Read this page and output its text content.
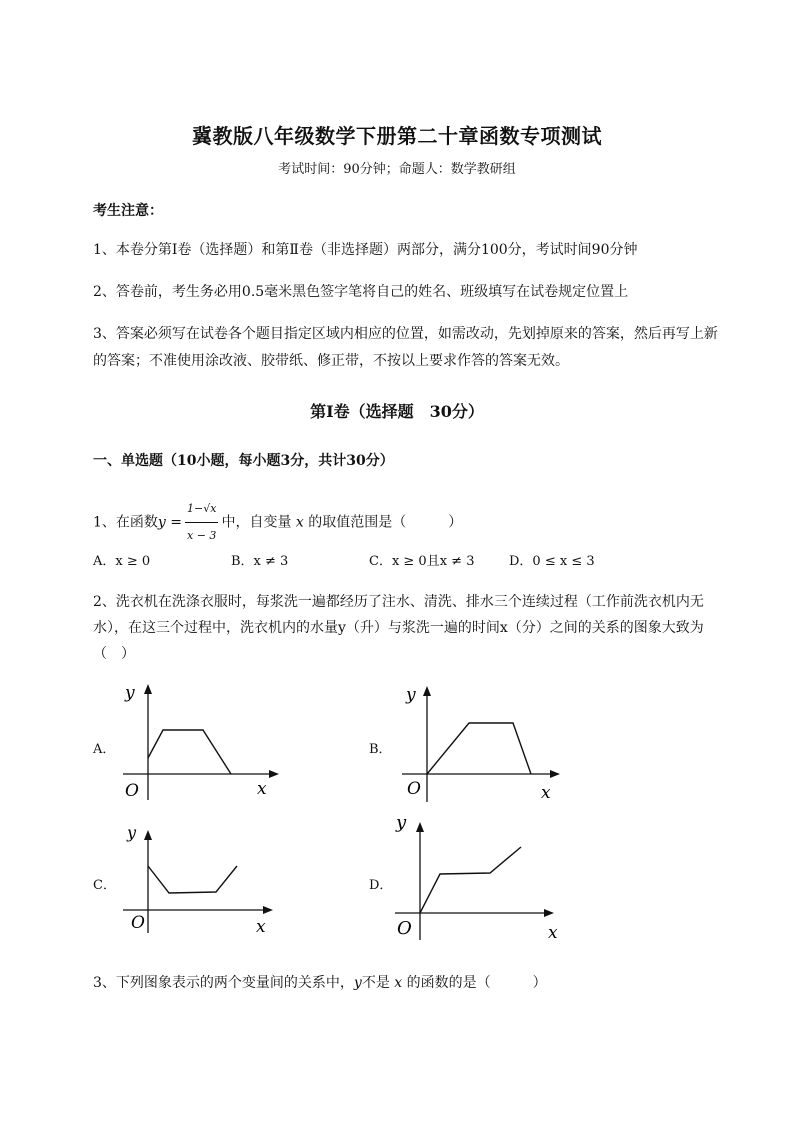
冀教版八年级数学下册第二十章函数专项测试
考试时间：90分钟；命题人：数学教研组
考生注意：
1、本卷分第I卷（选择题）和第Ⅱ卷（非选择题）两部分，满分100分，考试时间90分钟
2、答卷前，考生务必用0.5毫米黑色签字笔将自己的姓名、班级填写在试卷规定位置上
3、答案必须写在试卷各个题目指定区域内相应的位置，如需改动，先划掉原来的答案，然后再写上新
的答案；不准使用涂改液、胶带纸、修正带，不按以上要求作答的答案无效。
第I卷（选择题　30分）
一、单选题（10小题，每小题3分，共计30分）
1、在函数$y = \frac{1-√x}{x - 3}$ 中，自变量 x 的取值范围是（　　　）
A．x ≥ 0	B．x ≠ 3	C．x ≥ 0且x ≠ 3	D．0 ≤ x ≤ 3
2、洗衣机在洗涤衣服时，每浆洗一遍都经历了注水、清洗、排水三个连续过程（工作前洗衣机内无
水），在这三个过程中，洗衣机内的水量y（升）与浆洗一遍的时间x（分）之间的关系的图象大致为
（　）
A．	B．
C．	D．
y
x
O
y
x
O
y
x
O
y
x
O
3、下列图象表示的两个变量间的关系中，y不是 x 的函数的是（　　　）
